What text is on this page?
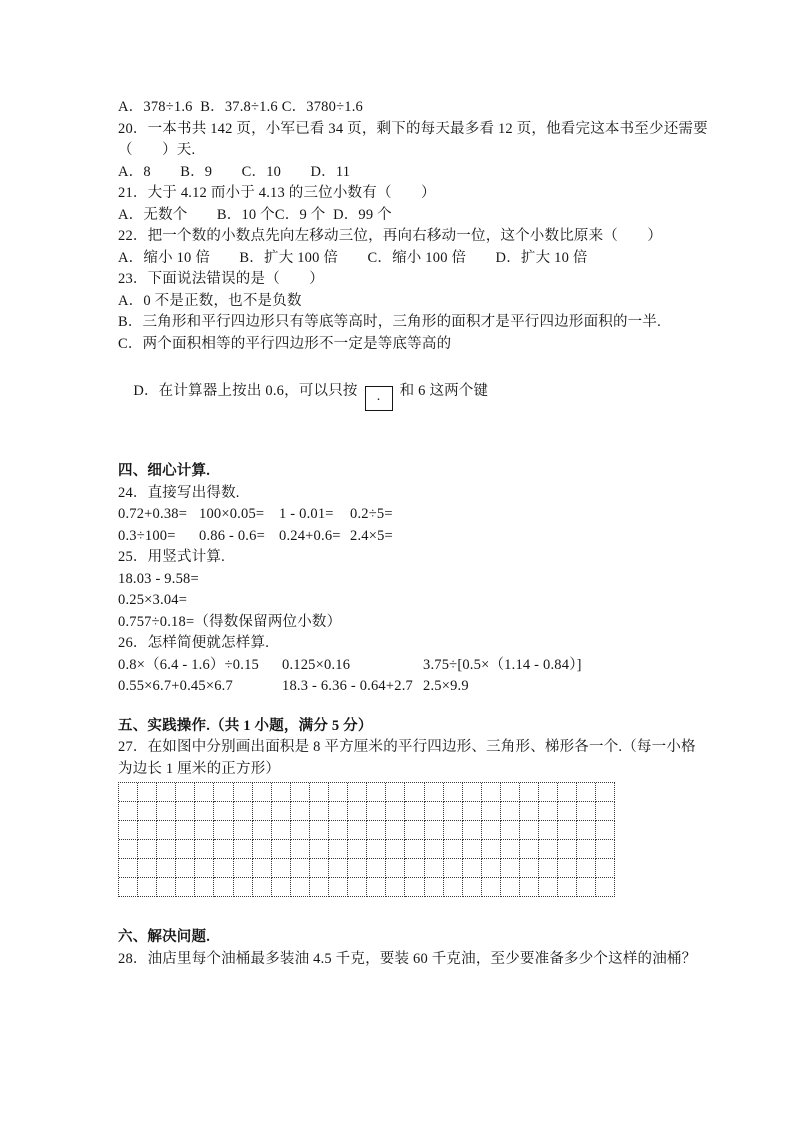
A．378÷1.6  B．37.8÷1.6 C．3780÷1.6
20．一本书共 142 页，小军已看 34 页，剩下的每天最多看 12 页，他看完这本书至少还需要
（　　）天.
A．8　　B．9　　C．10　　D．11
21．大于 4.12 而小于 4.13 的三位小数有（　　）
A．无数个　　B．10 个C．9 个  D．99 个
22．把一个数的小数点先向左移动三位，再向右移动一位，这个小数比原来（　　）
A．缩小 10 倍　　B．扩大 100 倍　　C．缩小 100 倍　　D．扩大 10 倍
23．下面说法错误的是（　　）
A．0 不是正数，也不是负数
B．三角形和平行四边形只有等底等高时，三角形的面积才是平行四边形面积的一半.
C．两个面积相等的平行四边形不一定是等底等高的

D．在计算器上按出 0.6，可以只按 . 和 6 这两个键

四、细心计算.
24．直接写出得数.
0.72+0.38= 100×0.05=	1 - 0.01=	0.2÷5=
0.3÷100=	0.86 - 0.6= 0.24+0.6= 2.4×5=
25．用竖式计算.
18.03 - 9.58=
0.25×3.04=
0.757÷0.18=（得数保留两位小数）
26．怎样简便就怎样算.
0.8×（6.4 - 1.6）÷0.15	0.125×0.16	3.75÷[0.5×（1.14 - 0.84）]
0.55×6.7+0.45×6.7	18.3 - 6.36 - 0.64+2.7 2.5×9.9
五、实践操作.（共 1 小题，满分 5 分）
27．在如图中分别画出面积是 8 平方厘米的平行四边形、三角形、梯形各一个.（每一小格
为边长 1 厘米的正方形）
六、解决问题.
28．油店里每个油桶最多装油 4.5 千克，要装 60 千克油，至少要准备多少个这样的油桶？
